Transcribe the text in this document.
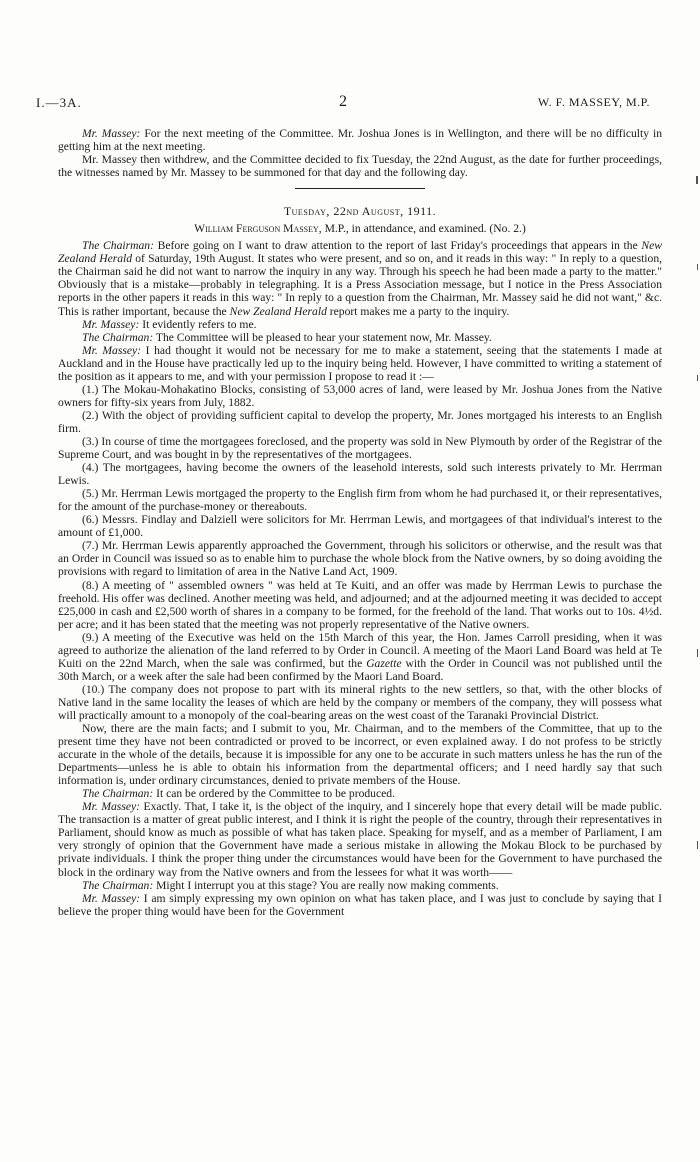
I.—3A.	2	W. F. MASSEY, M.P.

Mr. Massey: For the next meeting of the Committee. Mr. Joshua Jones is in Wellington, and there will be no difficulty in getting him at the next meeting.

Mr. Massey then withdrew, and the Committee decided to fix Tuesday, the 22nd August, as the date for further proceedings, the witnesses named by Mr. Massey to be summoned for that day and the following day.

Tuesday, 22nd August, 1911.
William Ferguson Massey, M.P., in attendance, and examined. (No. 2.)

The Chairman: Before going on I want to draw attention to the report of last Friday's proceedings that appears in the New Zealand Herald of Saturday, 19th August. It states who were present, and so on, and it reads in this way: " In reply to a question, the Chairman said he did not want to narrow the inquiry in any way. Through his speech he had been made a party to the matter." Obviously that is a mistake—probably in telegraphing. It is a Press Association message, but I notice in the Press Association reports in the other papers it reads in this way: " In reply to a question from the Chairman, Mr. Massey said he did not want," &c. This is rather important, because the New Zealand Herald report makes me a party to the inquiry.

Mr. Massey: It evidently refers to me.

The Chairman: The Committee will be pleased to hear your statement now, Mr. Massey.

Mr. Massey: I had thought it would not be necessary for me to make a statement, seeing that the statements I made at Auckland and in the House have practically led up to the inquiry being held. However, I have committed to writing a statement of the position as it appears to me, and with your permission I propose to read it :—

(1.) The Mokau-Mohakatino Blocks, consisting of 53,000 acres of land, were leased by Mr. Joshua Jones from the Native owners for fifty-six years from July, 1882.

(2.) With the object of providing sufficient capital to develop the property, Mr. Jones mortgaged his interests to an English firm.

(3.) In course of time the mortgagees foreclosed, and the property was sold in New Plymouth by order of the Registrar of the Supreme Court, and was bought in by the representatives of the mortgagees.

(4.) The mortgagees, having become the owners of the leasehold interests, sold such interests privately to Mr. Herrman Lewis.

(5.) Mr. Herrman Lewis mortgaged the property to the English firm from whom he had purchased it, or their representatives, for the amount of the purchase-money or thereabouts.

(6.) Messrs. Findlay and Dalziell were solicitors for Mr. Herrman Lewis, and mortgagees of that individual's interest to the amount of £1,000.

(7.) Mr. Herrman Lewis apparently approached the Government, through his solicitors or otherwise, and the result was that an Order in Council was issued so as to enable him to purchase the whole block from the Native owners, by so doing avoiding the provisions with regard to limitation of area in the Native Land Act, 1909.

(8.) A meeting of " assembled owners " was held at Te Kuiti, and an offer was made by Herrman Lewis to purchase the freehold. His offer was declined. Another meeting was held, and adjourned; and at the adjourned meeting it was decided to accept £25,000 in cash and £2,500 worth of shares in a company to be formed, for the freehold of the land. That works out to 10s. 4½d. per acre; and it has been stated that the meeting was not properly representative of the Native owners.

(9.) A meeting of the Executive was held on the 15th March of this year, the Hon. James Carroll presiding, when it was agreed to authorize the alienation of the land referred to by Order in Council. A meeting of the Maori Land Board was held at Te Kuiti on the 22nd March, when the sale was confirmed, but the Gazette with the Order in Council was not published until the 30th March, or a week after the sale had been confirmed by the Maori Land Board.

(10.) The company does not propose to part with its mineral rights to the new settlers, so that, with the other blocks of Native land in the same locality the leases of which are held by the company or members of the company, they will possess what will practically amount to a monopoly of the coal-bearing areas on the west coast of the Taranaki Provincial District.

Now, there are the main facts; and I submit to you, Mr. Chairman, and to the members of the Committee, that up to the present time they have not been contradicted or proved to be incorrect, or even explained away. I do not profess to be strictly accurate in the whole of the details, because it is impossible for any one to be accurate in such matters unless he has the run of the Departments—unless he is able to obtain his information from the departmental officers; and I need hardly say that such information is, under ordinary circumstances, denied to private members of the House.

The Chairman: It can be ordered by the Committee to be produced.

Mr. Massey: Exactly. That, I take it, is the object of the inquiry, and I sincerely hope that every detail will be made public. The transaction is a matter of great public interest, and I think it is right the people of the country, through their representatives in Parliament, should know as much as possible of what has taken place. Speaking for myself, and as a member of Parliament, I am very strongly of opinion that the Government have made a serious mistake in allowing the Mokau Block to be purchased by private individuals. I think the proper thing under the circumstances would have been for the Government to have purchased the block in the ordinary way from the Native owners and from the lessees for what it was worth——

The Chairman: Might I interrupt you at this stage? You are really now making comments.

Mr. Massey: I am simply expressing my own opinion on what has taken place, and I was just to conclude by saying that I believe the proper thing would have been for the Government
